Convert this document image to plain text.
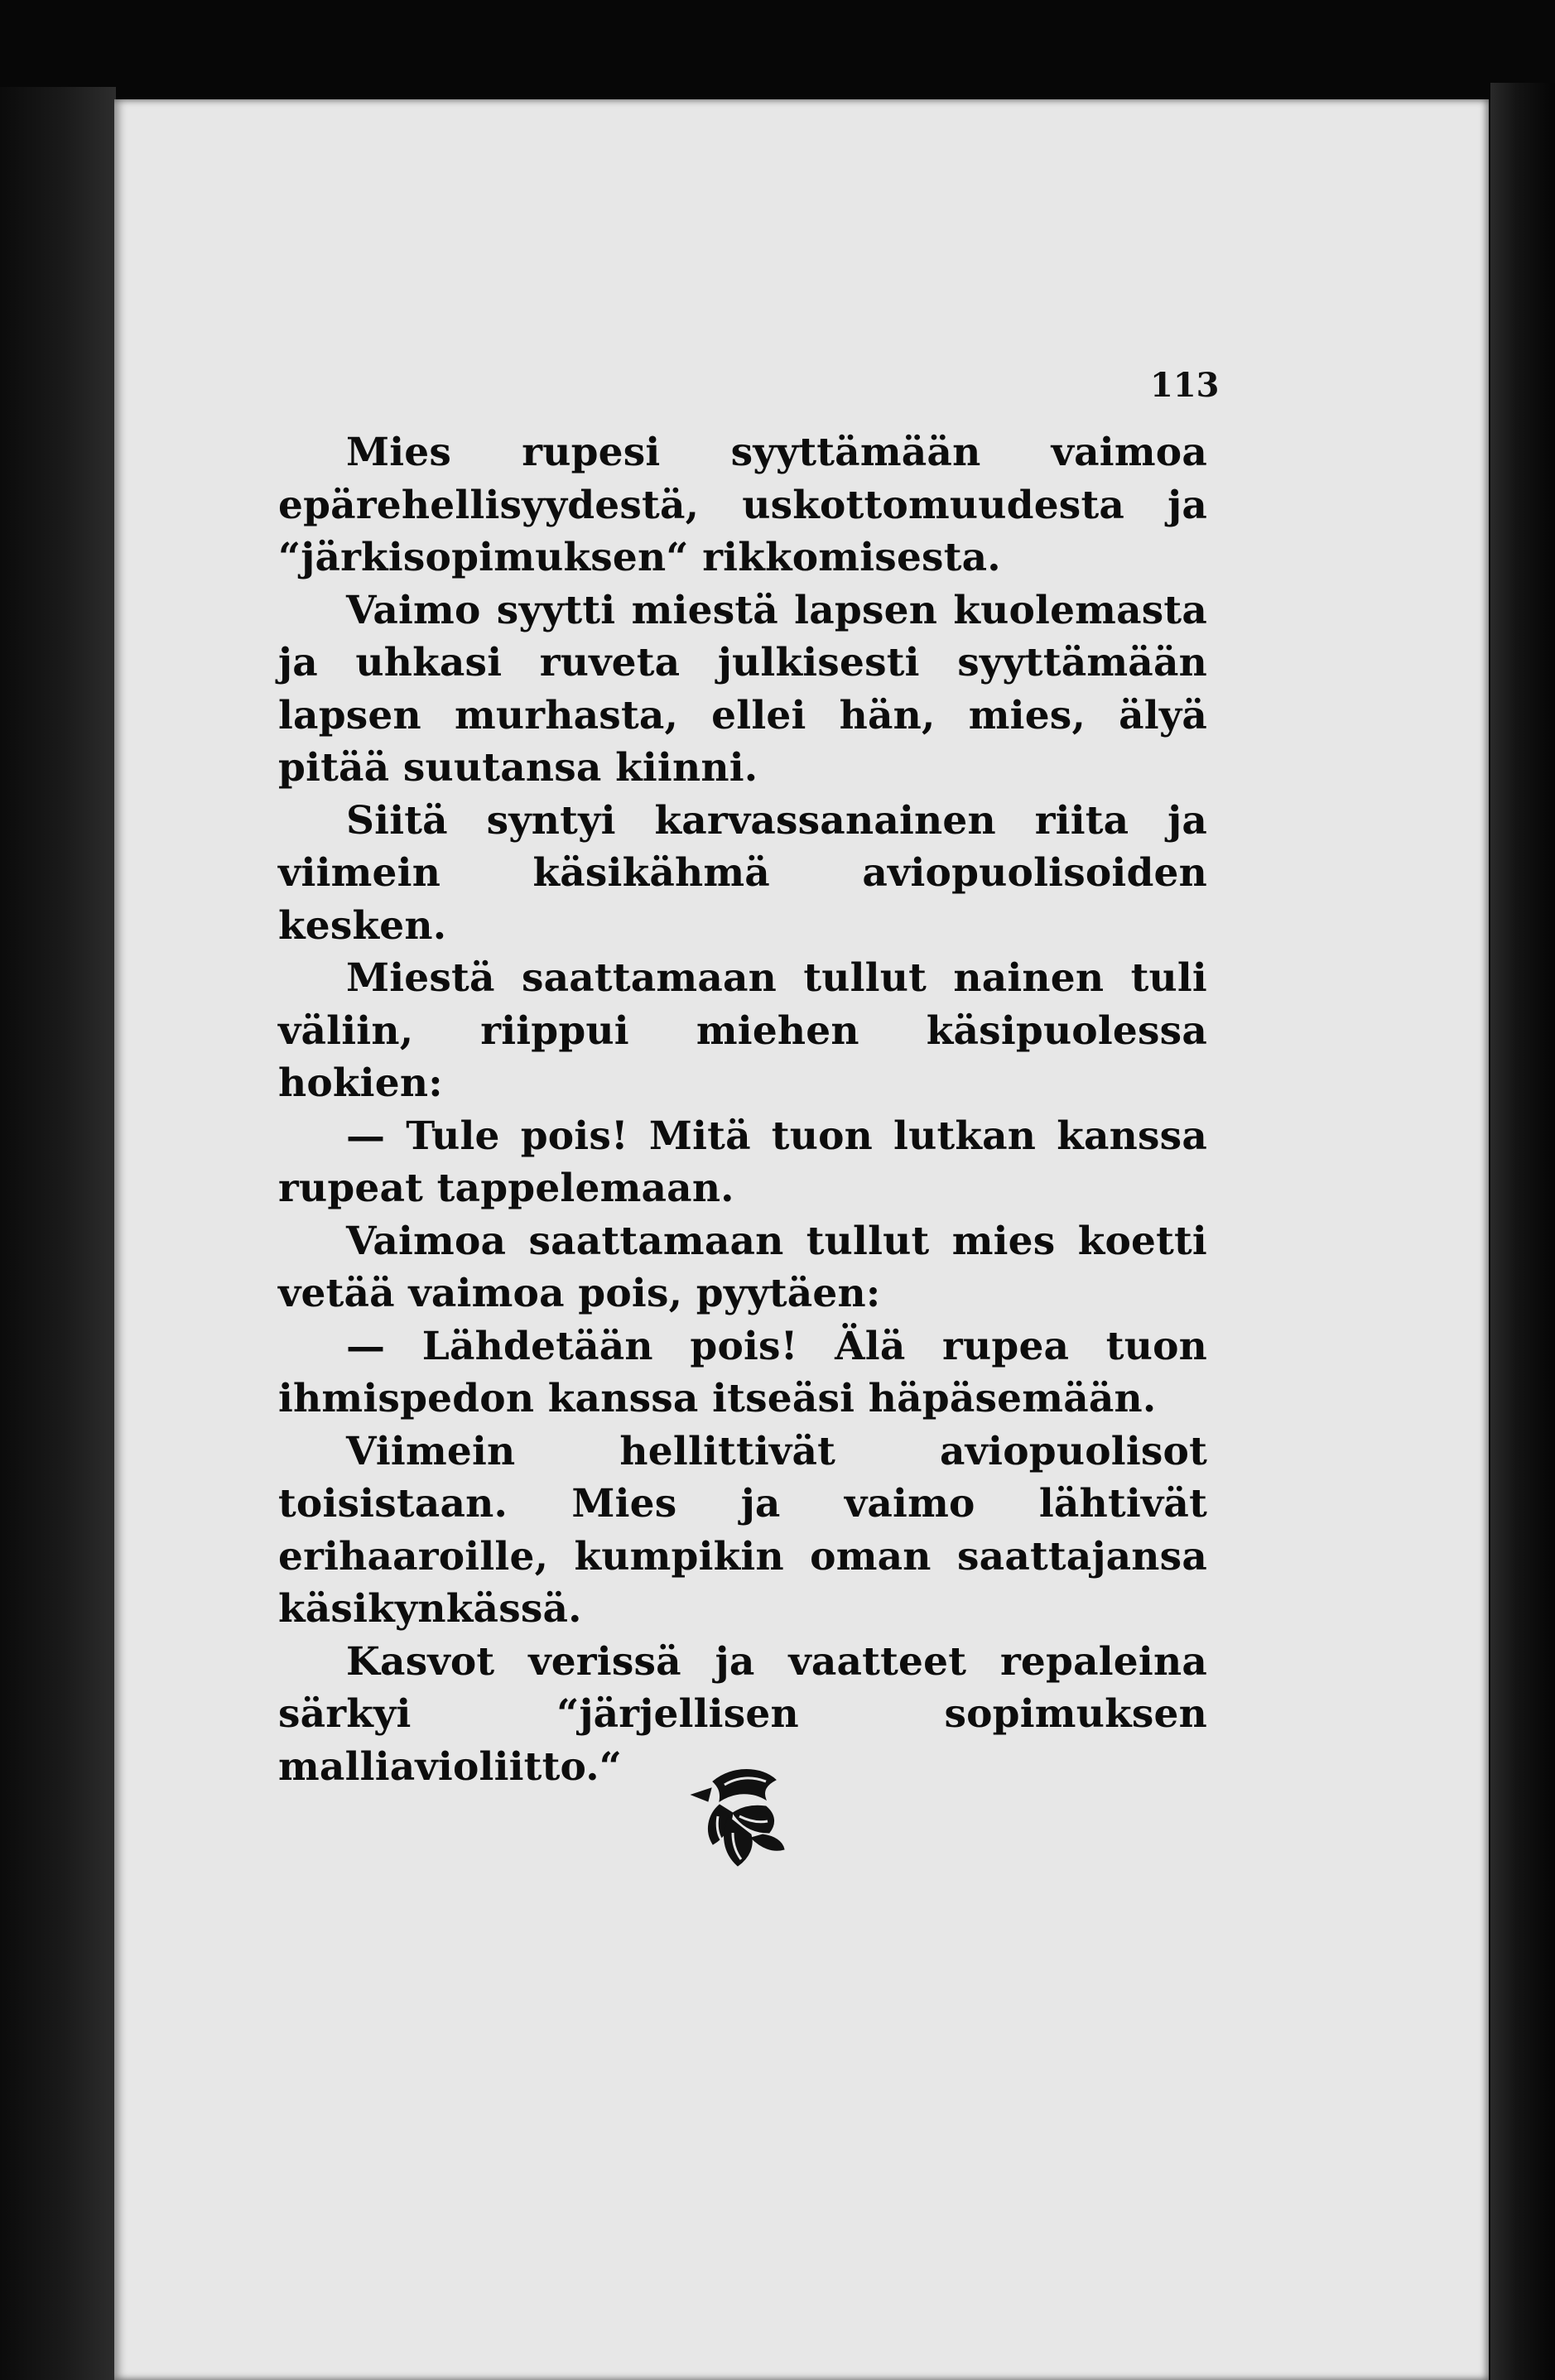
113

Mies rupesi syyttämään vaimoa epärehellisyydestä, uskottomuudesta ja “järkisopimuksen“ rikkomisesta.

Vaimo syytti miestä lapsen kuolemasta ja uhkasi ruveta julkisesti syyttämään lapsen murhasta, ellei hän, mies, älyä pitää suutansa kiinni.

Siitä syntyi karvassanainen riita ja viimein käsikähmä aviopuolisoiden kesken.

Miestä saattamaan tullut nainen tuli väliin, riippui miehen käsipuolessa hokien:

— Tule pois! Mitä tuon lutkan kanssa rupeat tappelemaan.

Vaimoa saattamaan tullut mies koetti vetää vaimoa pois, pyytäen:

— Lähdetään pois! Älä rupea tuon ihmispedon kanssa itseäsi häpäsemään.

Viimein hellittivät aviopuolisot toisistaan. Mies ja vaimo lähtivät erihaaroille, kumpikin oman saattajansa käsikynkässä.

Kasvot verissä ja vaatteet repaleina särkyi “järjellisen sopimuksen malliavioliitto.“
